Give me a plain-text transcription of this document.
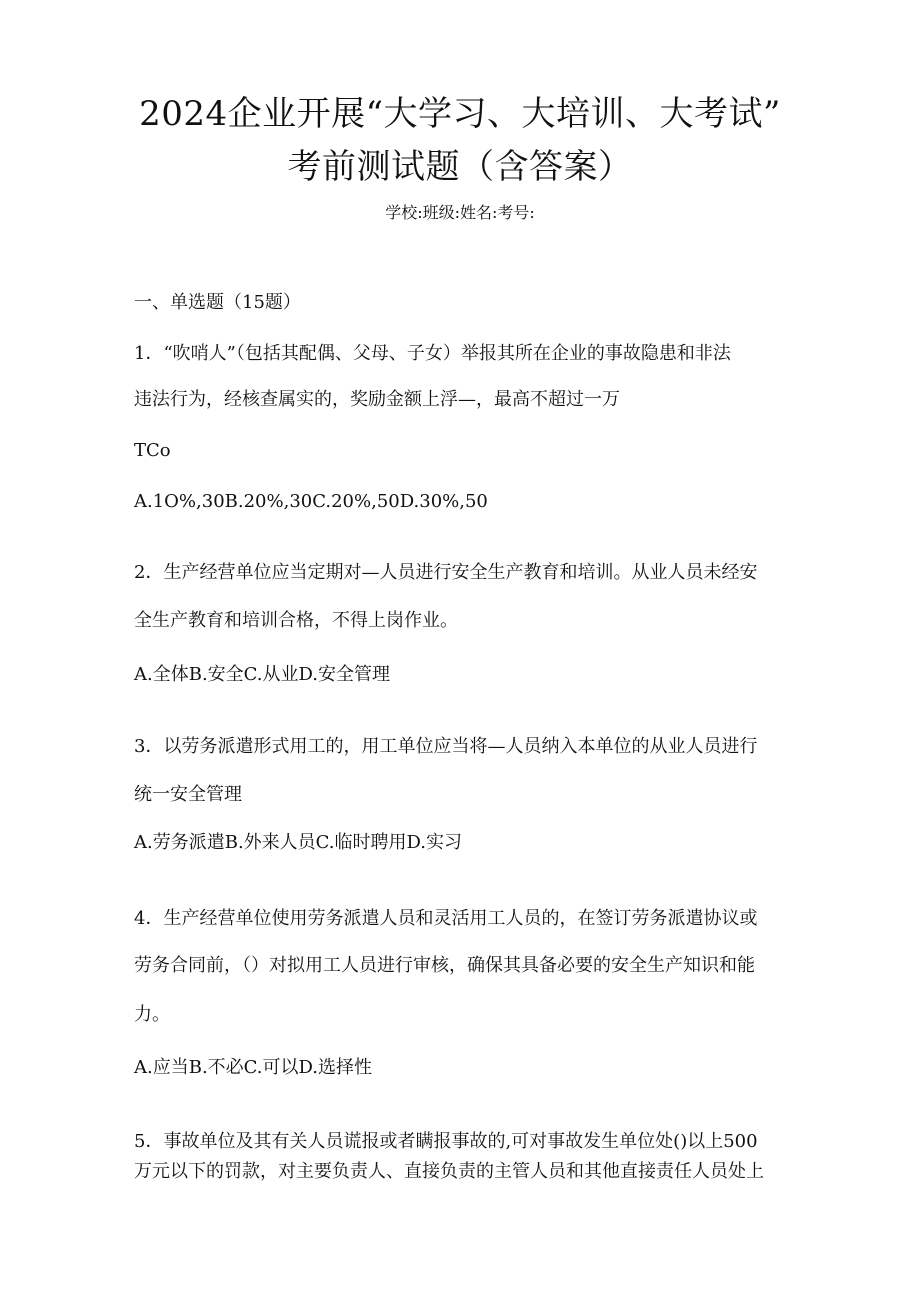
2024企业开展“大学习、大培训、大考试”
考前测试题（含答案）
学校:班级:姓名:考号:
一、单选题（15题）
1．“吹哨人”（包括其配偶、父母、子女）举报其所在企业的事故隐患和非法
违法行为，经核查属实的，奖励金额上浮—，最高不超过一万
TCo
A.1O%,30B.20%,30C.20%,50D.30%,50
2．生产经营单位应当定期对—人员进行安全生产教育和培训。从业人员未经安
全生产教育和培训合格，不得上岗作业。
A.全体B.安全C.从业D.安全管理
3．以劳务派遣形式用工的，用工单位应当将—人员纳入本单位的从业人员进行
统一安全管理
A.劳务派遣B.外来人员C.临时聘用D.实习
4．生产经营单位使用劳务派遣人员和灵活用工人员的，在签订劳务派遣协议或
劳务合同前，（）对拟用工人员进行审核，确保其具备必要的安全生产知识和能
力。
A.应当B.不必C.可以D.选择性
5．事故单位及其有关人员谎报或者瞒报事故的,可对事故发生单位处()以上500
万元以下的罚款，对主要负责人、直接负责的主管人员和其他直接责任人员处上
